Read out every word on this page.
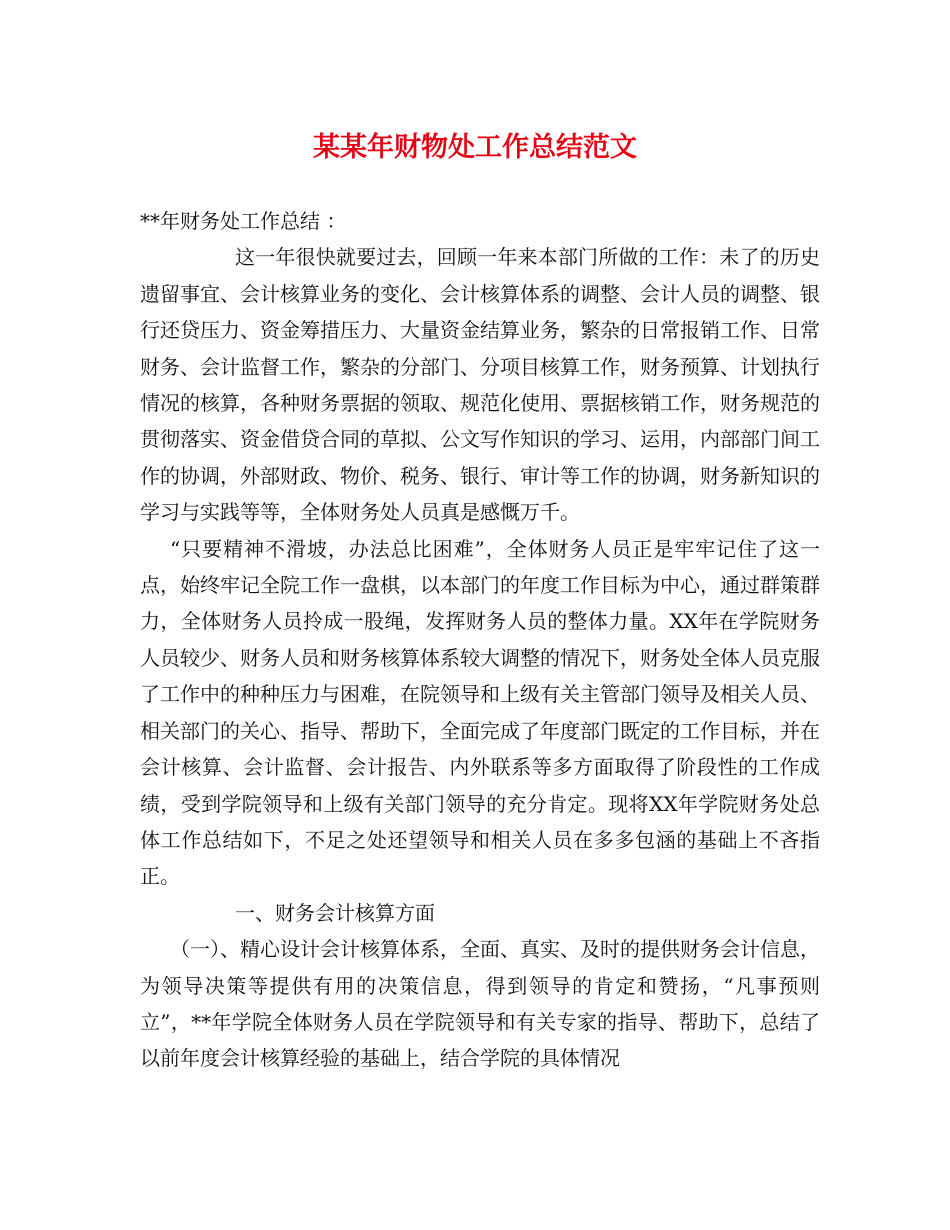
某某年财物处工作总结范文

**年财务处工作总结 ：

这一年很快就要过去，回顾一年来本部门所做的工作：未了的历史遗留事宜、会计核算业务的变化、会计核算体系的调整、会计人员的调整、银行还贷压力、资金筹措压力、大量资金结算业务，繁杂的日常报销工作、日常财务、会计监督工作，繁杂的分部门、分项目核算工作，财务预算、计划执行情况的核算，各种财务票据的领取、规范化使用、票据核销工作，财务规范的贯彻落实、资金借贷合同的草拟、公文写作知识的学习、运用，内部部门间工作的协调，外部财政、物价、税务、银行、审计等工作的协调，财务新知识的学习与实践等等，全体财务处人员真是感慨万千。

“只要精神不滑坡，办法总比困难”，全体财务人员正是牢牢记住了这一点，始终牢记全院工作一盘棋，以本部门的年度工作目标为中心，通过群策群力，全体财务人员拎成一股绳，发挥财务人员的整体力量。XX年在学院财务人员较少、财务人员和财务核算体系较大调整的情况下，财务处全体人员克服了工作中的种种压力与困难，在院领导和上级有关主管部门领导及相关人员、相关部门的关心、指导、帮助下，全面完成了年度部门既定的工作目标，并在会计核算、会计监督、会计报告、内外联系等多方面取得了阶段性的工作成绩，受到学院领导和上级有关部门领导的充分肯定。现将XX年学院财务处总体工作总结如下，不足之处还望领导和相关人员在多多包涵的基础上不吝指正。

一、财务会计核算方面

（一）、精心设计会计核算体系，全面、真实、及时的提供财务会计信息，为领导决策等提供有用的决策信息，得到领导的肯定和赞扬，“凡事预则立”，**年学院全体财务人员在学院领导和有关专家的指导、帮助下，总结了以前年度会计核算经验的基础上，结合学院的具体情况
